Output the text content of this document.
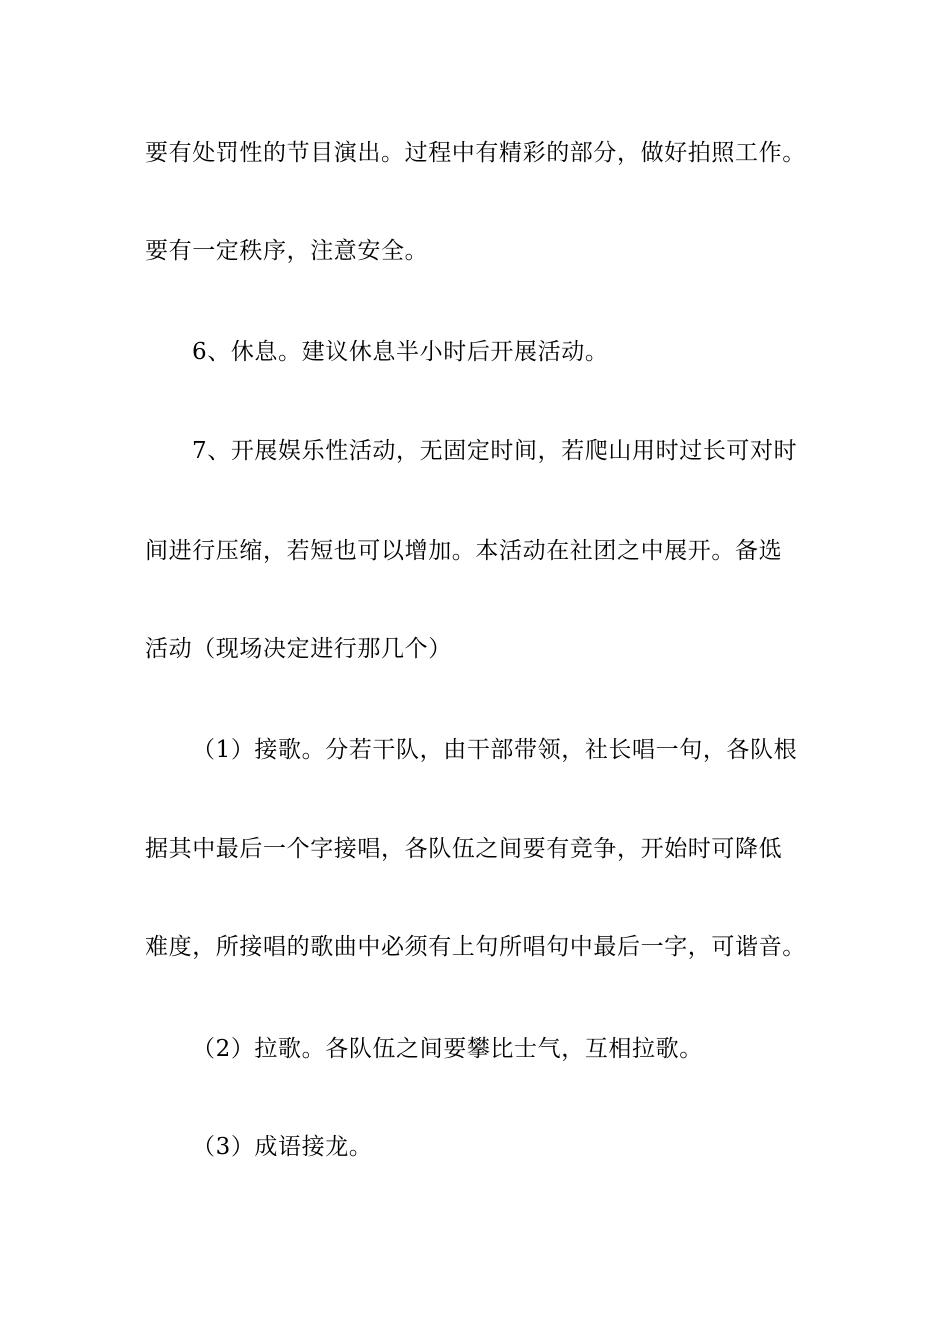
要有处罚性的节目演出。过程中有精彩的部分，做好拍照工作。
要有一定秩序，注意安全。
6、休息。建议休息半小时后开展活动。
7、开展娱乐性活动，无固定时间，若爬山用时过长可对时
间进行压缩，若短也可以增加。本活动在社团之中展开。备选
活动（现场决定进行那几个）
（1）接歌。分若干队，由干部带领，社长唱一句，各队根
据其中最后一个字接唱，各队伍之间要有竞争，开始时可降低
难度，所接唱的歌曲中必须有上句所唱句中最后一字，可谐音。
（2）拉歌。各队伍之间要攀比士气，互相拉歌。
（3）成语接龙。
